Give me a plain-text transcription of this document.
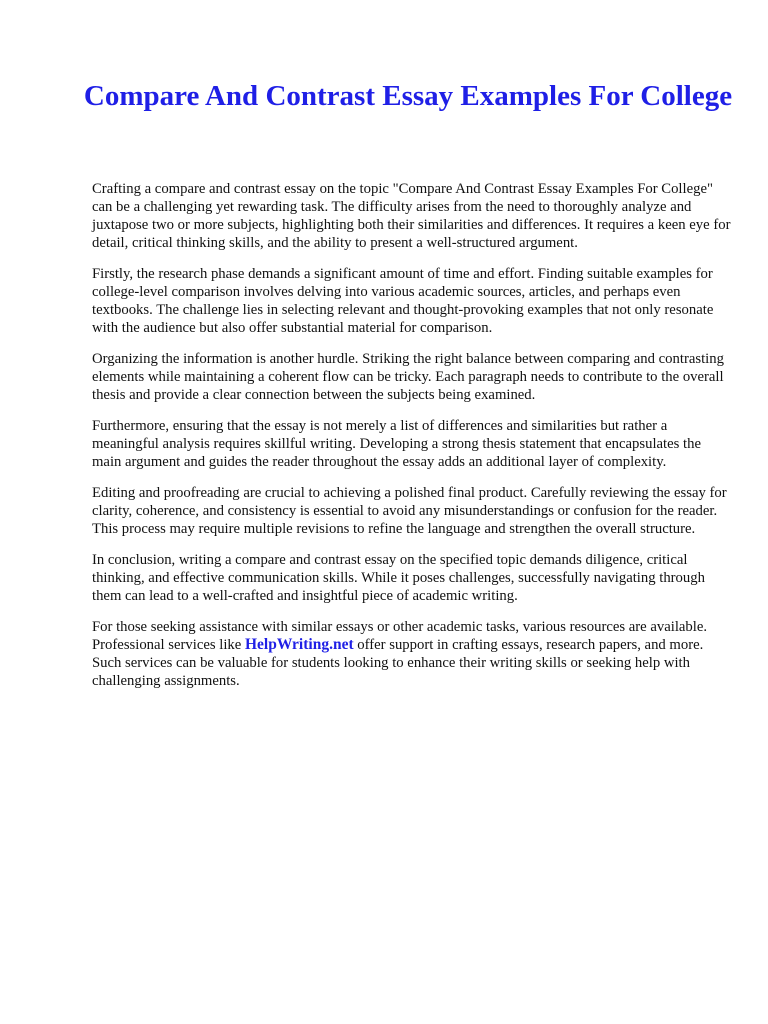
Compare And Contrast Essay Examples For College

Crafting a compare and contrast essay on the topic "Compare And Contrast Essay Examples For College" can be a challenging yet rewarding task. The difficulty arises from the need to thoroughly analyze and juxtapose two or more subjects, highlighting both their similarities and differences. It requires a keen eye for detail, critical thinking skills, and the ability to present a well-structured argument.

Firstly, the research phase demands a significant amount of time and effort. Finding suitable examples for college-level comparison involves delving into various academic sources, articles, and perhaps even textbooks. The challenge lies in selecting relevant and thought-provoking examples that not only resonate with the audience but also offer substantial material for comparison.

Organizing the information is another hurdle. Striking the right balance between comparing and contrasting elements while maintaining a coherent flow can be tricky. Each paragraph needs to contribute to the overall thesis and provide a clear connection between the subjects being examined.

Furthermore, ensuring that the essay is not merely a list of differences and similarities but rather a meaningful analysis requires skillful writing. Developing a strong thesis statement that encapsulates the main argument and guides the reader throughout the essay adds an additional layer of complexity.

Editing and proofreading are crucial to achieving a polished final product. Carefully reviewing the essay for clarity, coherence, and consistency is essential to avoid any misunderstandings or confusion for the reader. This process may require multiple revisions to refine the language and strengthen the overall structure.

In conclusion, writing a compare and contrast essay on the specified topic demands diligence, critical thinking, and effective communication skills. While it poses challenges, successfully navigating through them can lead to a well-crafted and insightful piece of academic writing.

For those seeking assistance with similar essays or other academic tasks, various resources are available. Professional services like HelpWriting.net offer support in crafting essays, research papers, and more. Such services can be valuable for students looking to enhance their writing skills or seeking help with challenging assignments.
